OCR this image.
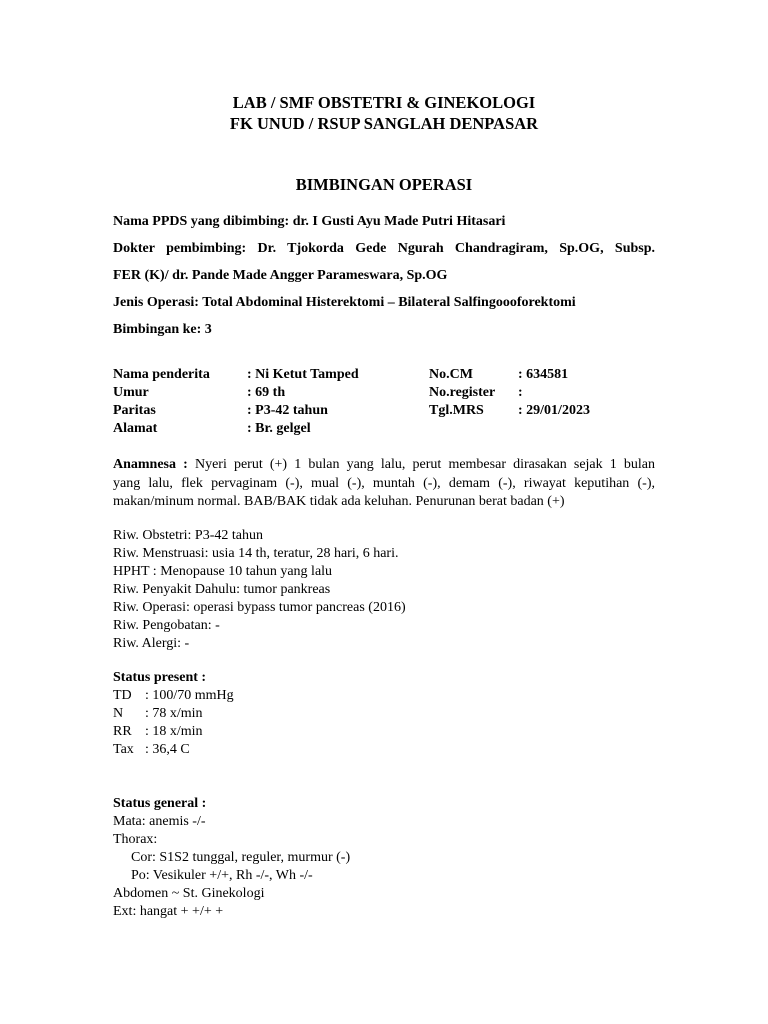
LAB / SMF OBSTETRI & GINEKOLOGI
FK UNUD / RSUP SANGLAH DENPASAR
BIMBINGAN OPERASI
Nama PPDS yang dibimbing: dr. I Gusti Ayu Made Putri Hitasari
Dokter pembimbing: Dr. Tjokorda Gede Ngurah Chandragiram, Sp.OG, Subsp.
FER (K)/ dr. Pande Made Angger Parameswara, Sp.OG
Jenis Operasi: Total Abdominal Histerektomi – Bilateral Salfingoooforektomi
Bimbingan ke: 3
Nama penderita	: Ni Ketut Tamped	No.CM	: 634581
Umur	: 69 th	No.register :
Paritas	: P3-42 tahun	Tgl.MRS : 29/01/2023
Alamat	: Br. gelgel
Anamnesa : Nyeri perut (+) 1 bulan yang lalu, perut membesar dirasakan sejak 1 bulan
yang lalu, flek pervaginam (-), mual (-), muntah (-), demam (-), riwayat keputihan (-),
makan/minum normal. BAB/BAK tidak ada keluhan. Penurunan berat badan (+)
Riw. Obstetri: P3-42 tahun
Riw. Menstruasi: usia 14 th, teratur, 28 hari, 6 hari.
HPHT : Menopause 10 tahun yang lalu
Riw. Penyakit Dahulu: tumor pankreas
Riw. Operasi: operasi bypass tumor pancreas (2016)
Riw. Pengobatan: -
Riw. Alergi: -
Status present :
TD : 100/70 mmHg
N : 78 x/min
RR : 18 x/min
Tax : 36,4 C
Status general :
Mata: anemis -/-
Thorax:
Cor: S1S2 tunggal, reguler, murmur (-)
Po: Vesikuler +/+, Rh -/-, Wh -/-
Abdomen ~ St. Ginekologi
Ext: hangat + +/+ +
